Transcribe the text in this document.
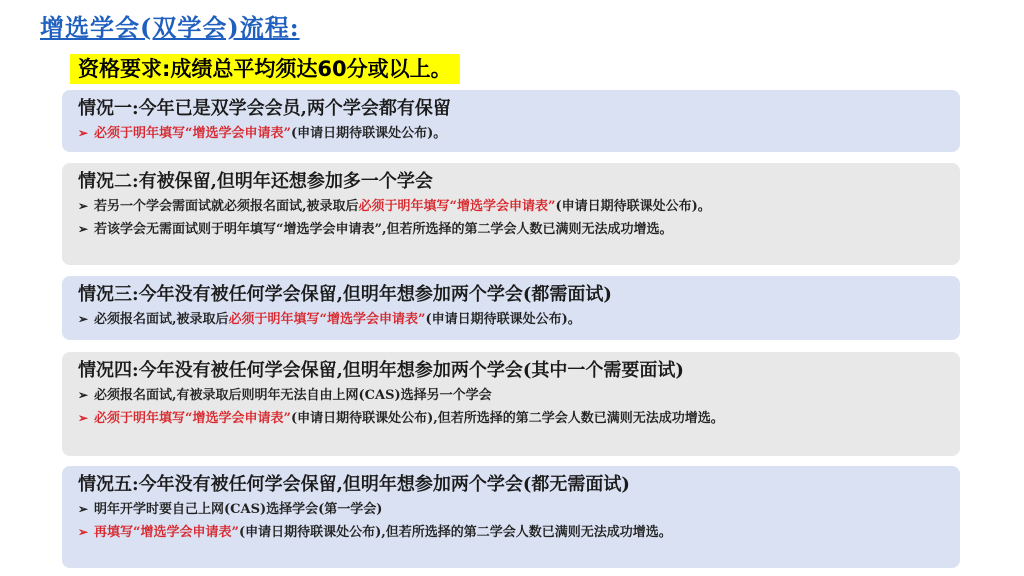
增选学会(双学会)流程:
资格要求:成绩总平均须达60分或以上。
情况一:今年已是双学会会员,两个学会都有保留
➢ 必须于明年填写“增选学会申请表”(申请日期待联课处公布)。
情况二:有被保留,但明年还想参加多一个学会
➢ 若另一个学会需面试就必须报名面试,被录取后必须于明年填写“增选学会申请表”(申请日期待联课处公布)。
➢ 若该学会无需面试则于明年填写“增选学会申请表”,但若所选择的第二学会人数已满则无法成功增选。
情况三:今年没有被任何学会保留,但明年想参加两个学会(都需面试)
➢ 必须报名面试,被录取后必须于明年填写“增选学会申请表”(申请日期待联课处公布)。
情况四:今年没有被任何学会保留,但明年想参加两个学会(其中一个需要面试)
➢ 必须报名面试,有被录取后则明年无法自由上网(CAS)选择另一个学会
➢ 必须于明年填写“增选学会申请表”(申请日期待联课处公布),但若所选择的第二学会人数已满则无法成功增选。
情况五:今年没有被任何学会保留,但明年想参加两个学会(都无需面试)
➢ 明年开学时要自己上网(CAS)选择学会(第一学会)
➢ 再填写“增选学会申请表”(申请日期待联课处公布),但若所选择的第二学会人数已满则无法成功增选。
